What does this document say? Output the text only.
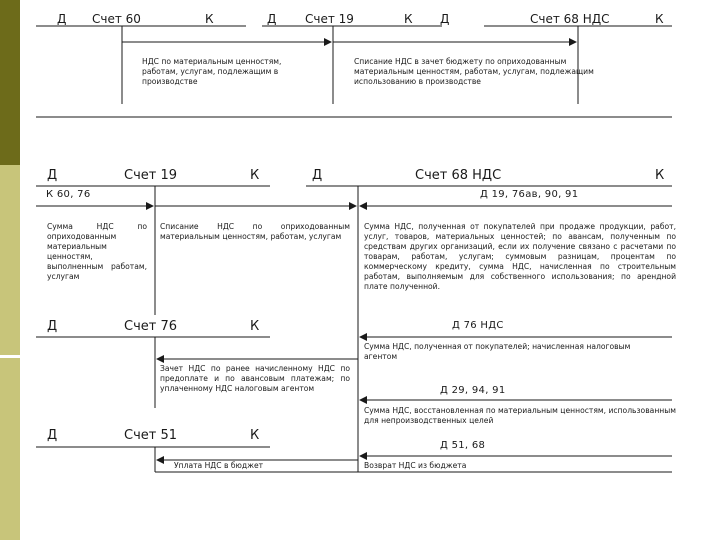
Д Счет 60	К	Д Счет 19	К Д	Счет 68 НДС	К
НДС по материальным ценностям, работам, услугам, подлежащим в производстве
Списание НДС в зачет бюджету по оприходованным материальным ценностям, работам, услугам, подлежащим использованию в производстве
Д	Счет 19	К	Д	Счет 68 НДС	К
К 60, 76	Д 19, 76ав, 90, 91
Сумма НДС по оприходованным материальным ценностям, выполненным работам, услугам
Списание НДС по оприходованным материальным ценностям, работам, услугам
Сумма НДС, полученная от покупателей при продаже продукции, работ, услуг, товаров, материальных ценностей; по авансам, полученным по средствам других организаций, если их получение связано с расчетами по товарам, работам, услугам; суммовым разницам, процентам по коммерческому кредиту, сумма НДС, начисленная по строительным работам, выполняемым для собственного использования; по арендной плате полученной.
Д	Счет 76	К	Д 76 НДС
Сумма НДС, полученная от покупателей; начисленная налоговым агентом
Зачет НДС по ранее начисленному НДС по предоплате и по авансовым платежам; по уплаченному НДС налоговым агентом	Д 29, 94, 91
Сумма НДС, восстановленная по материальным ценностям, использованным для непроизводственных целей
Д	Счет 51	К
Д 51, 68
Уплата НДС в бюджет	Возврат НДС из бюджета
